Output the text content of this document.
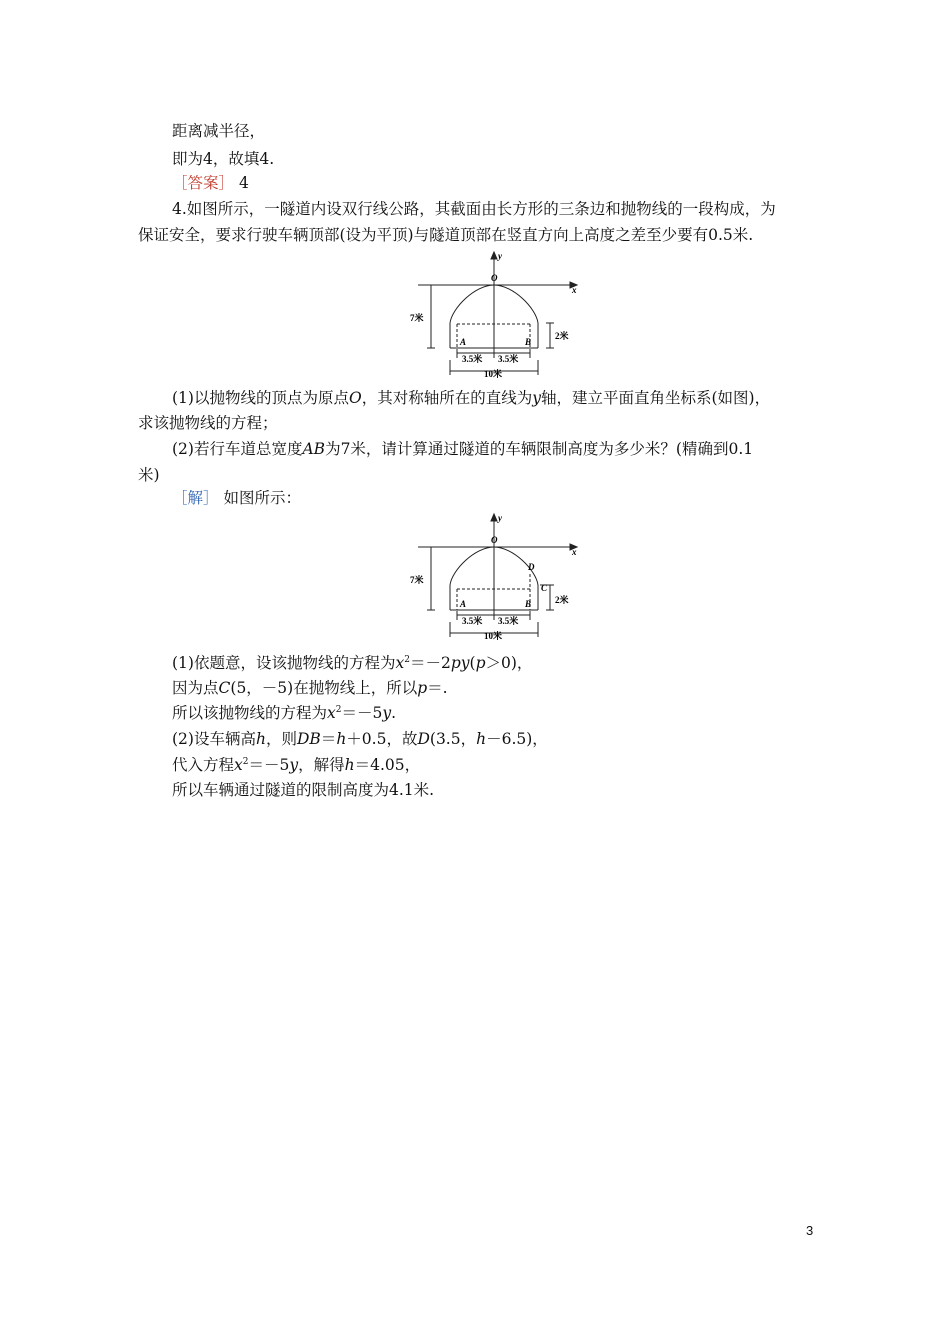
距离减半径，
即为4，故填4.
［答案］ 4
4.如图所示，一隧道内设双行线公路，其截面由长方形的三条边和抛物线的一段构成，为
保证安全，要求行驶车辆顶部(设为平顶)与隧道顶部在竖直方向上高度之差至少要有0.5米.
y
x
O
7米
2米
A	B
3.5米 3.5米
10米
(1)以抛物线的顶点为原点O，其对称轴所在的直线为y轴，建立平面直角坐标系(如图)，
求该抛物线的方程；
(2)若行车道总宽度AB为7米，请计算通过隧道的车辆限制高度为多少米？(精确到0.1
米)
［解］ 如图所示：
y
x
O
7米
2米
A	B
C
D
3.5米 3.5米
10米
(1)依题意，设该抛物线的方程为$x^2=-2py(p>0)$，
因为点C(5，－5)在抛物线上，所以p＝.
所以该抛物线的方程为$x^2=-5y$.
(2)设车辆高h，则DB＝h＋0.5，故D(3.5，h－6.5)，
代入方程$x^2=-5y$，解得h＝4.05，
所以车辆通过隧道的限制高度为4.1米.
3
